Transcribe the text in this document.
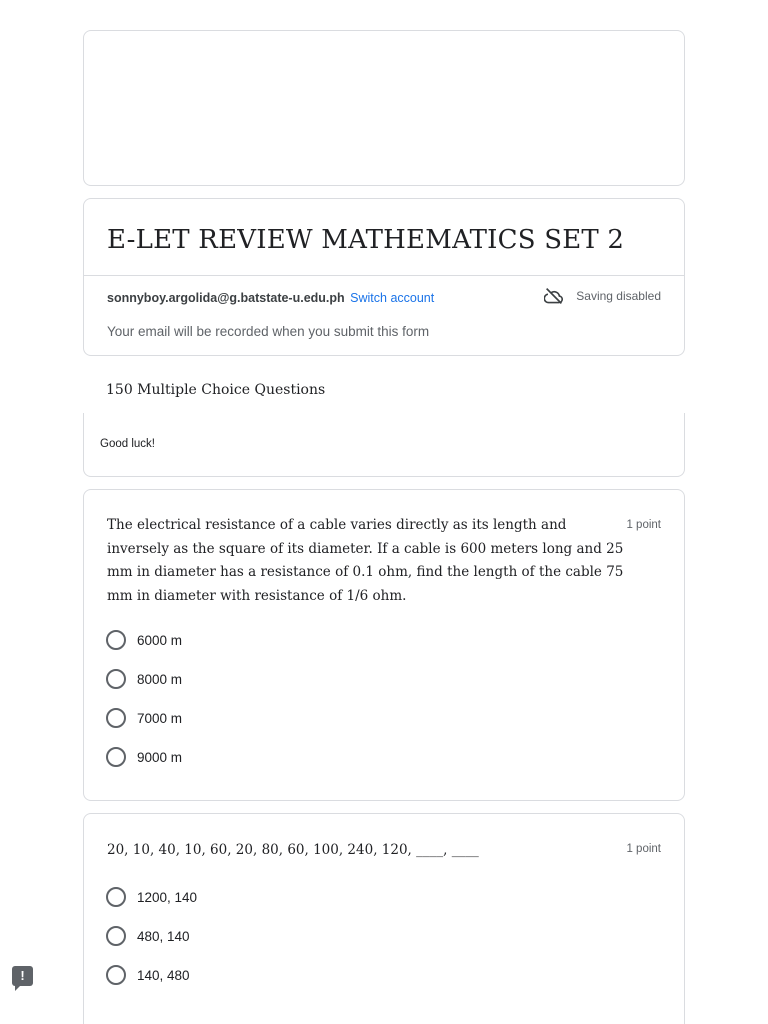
E-LET REVIEW MATHEMATICS SET 2
sonnyboy.argolida@g.batstate-u.edu.ph Switch account	Saving disabled
Your email will be recorded when you submit this form
150 Multiple Choice Questions
Good luck!
The electrical resistance of a cable varies directly as its length and inversely as the square of its diameter. If a cable is 600 meters long and 25 mm in diameter has a resistance of 0.1 ohm, find the length of the cable 75 mm in diameter with resistance of 1/6 ohm.
1 point
6000 m
8000 m
7000 m
9000 m
20, 10, 40, 10, 60, 20, 80, 60, 100, 240, 120, ____, ____	1 point
1200, 140
480, 140
140, 480
!
